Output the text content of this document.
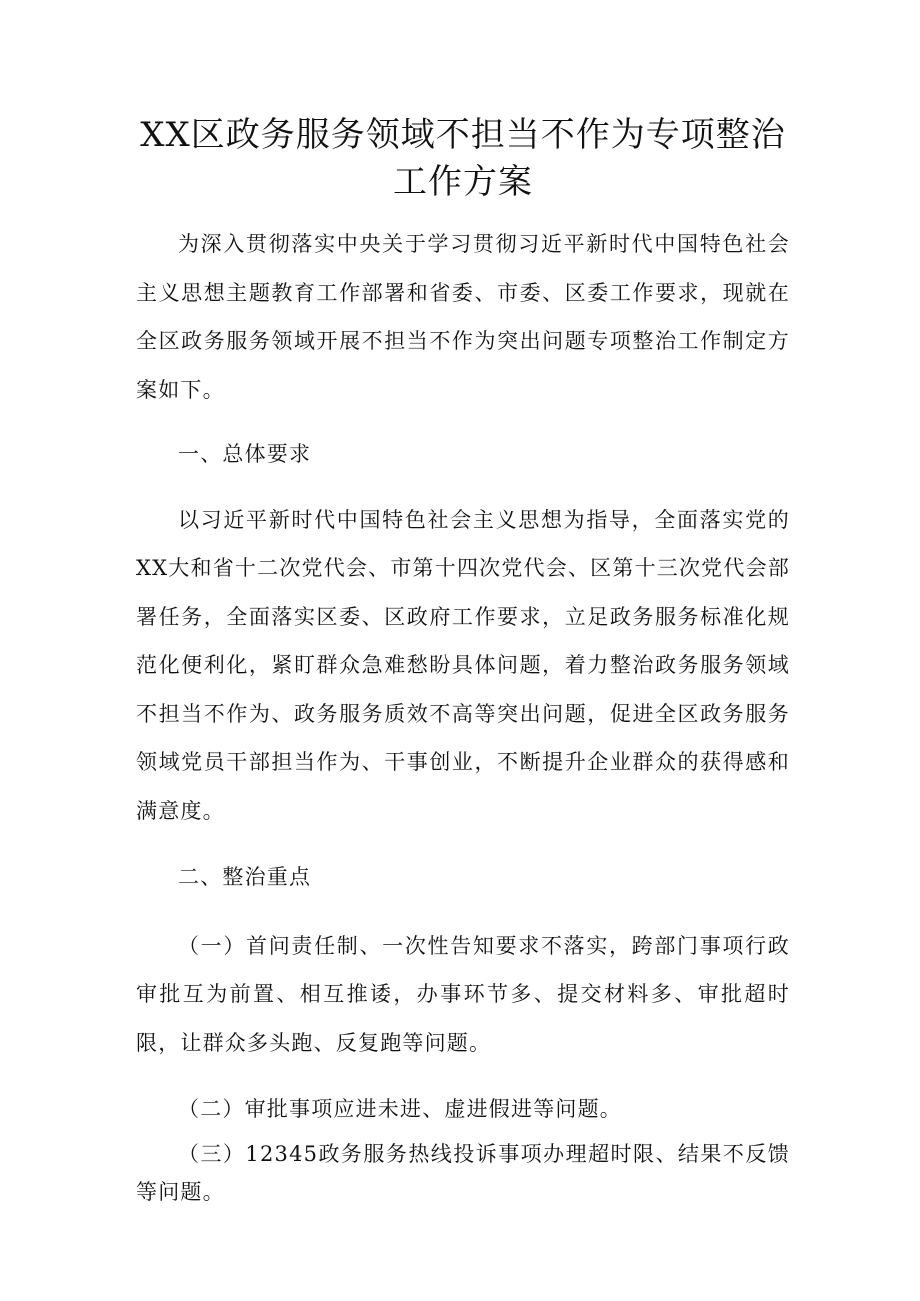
XX区政务服务领域不担当不作为专项整治工作方案

为深入贯彻落实中央关于学习贯彻习近平新时代中国特色社会主义思想主题教育工作部署和省委、市委、区委工作要求，现就在全区政务服务领域开展不担当不作为突出问题专项整治工作制定方案如下。

一、总体要求

以习近平新时代中国特色社会主义思想为指导，全面落实党的XX大和省十二次党代会、市第十四次党代会、区第十三次党代会部署任务，全面落实区委、区政府工作要求，立足政务服务标准化规范化便利化，紧盯群众急难愁盼具体问题，着力整治政务服务领域不担当不作为、政务服务质效不高等突出问题，促进全区政务服务领域党员干部担当作为、干事创业，不断提升企业群众的获得感和满意度。

二、整治重点

（一）首问责任制、一次性告知要求不落实，跨部门事项行政审批互为前置、相互推诿，办事环节多、提交材料多、审批超时限，让群众多头跑、反复跑等问题。

（二）审批事项应进未进、虚进假进等问题。

（三）12345政务服务热线投诉事项办理超时限、结果不反馈等问题。
